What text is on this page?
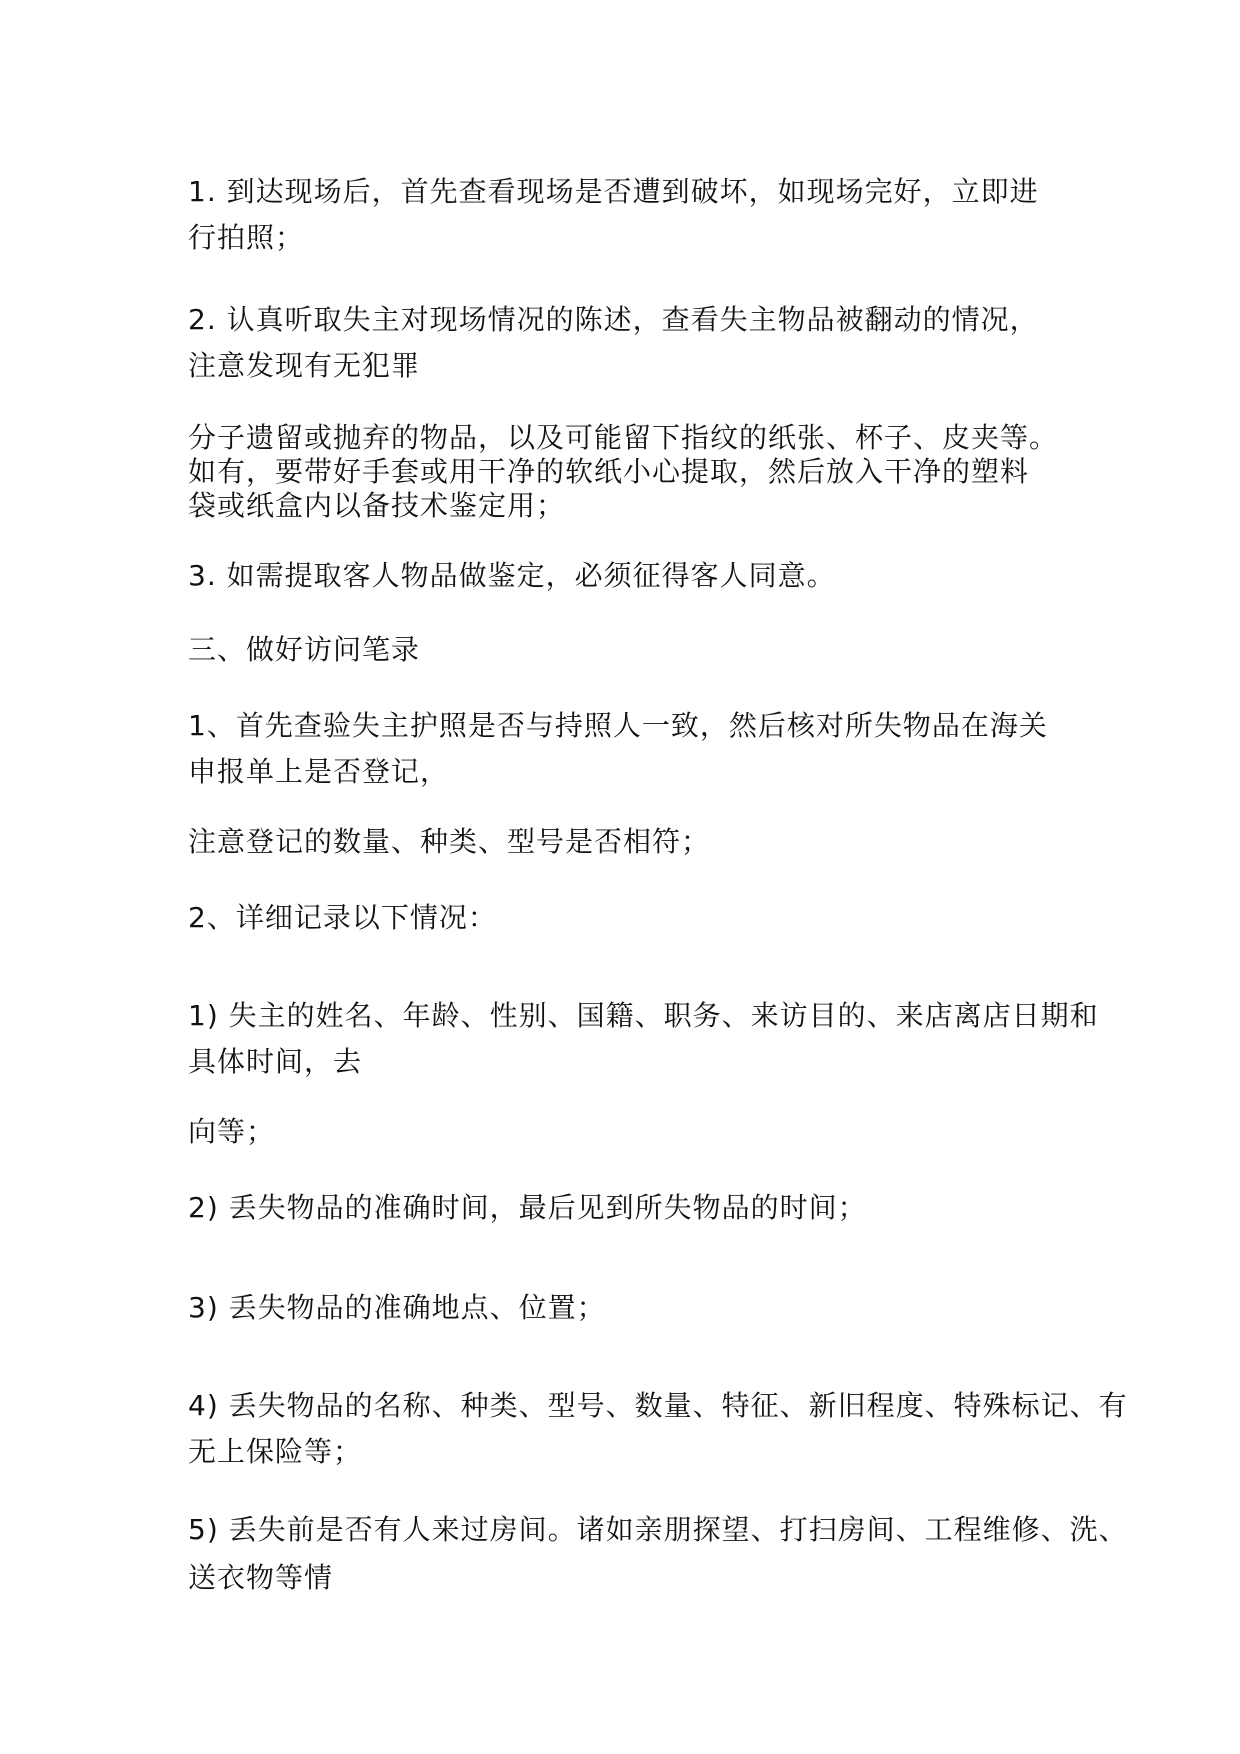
1. 到达现场后，首先查看现场是否遭到破坏，如现场完好，立即进
行拍照；
2. 认真听取失主对现场情况的陈述，查看失主物品被翻动的情况，
注意发现有无犯罪
分子遗留或抛弃的物品，以及可能留下指纹的纸张、杯子、皮夹等。
如有，要带好手套或用干净的软纸小心提取，然后放入干净的塑料
袋或纸盒内以备技术鉴定用；
3. 如需提取客人物品做鉴定，必须征得客人同意。
三、做好访问笔录
1、首先查验失主护照是否与持照人一致，然后核对所失物品在海关
申报单上是否登记，
注意登记的数量、种类、型号是否相符；
2、详细记录以下情况：
1) 失主的姓名、年龄、性别、国籍、职务、来访目的、来店离店日期和
具体时间，去
向等；
2) 丢失物品的准确时间，最后见到所失物品的时间；
3) 丢失物品的准确地点、位置；
4) 丢失物品的名称、种类、型号、数量、特征、新旧程度、特殊标记、有
无上保险等；
5) 丢失前是否有人来过房间。诸如亲朋探望、打扫房间、工程维修、洗、
送衣物等情
